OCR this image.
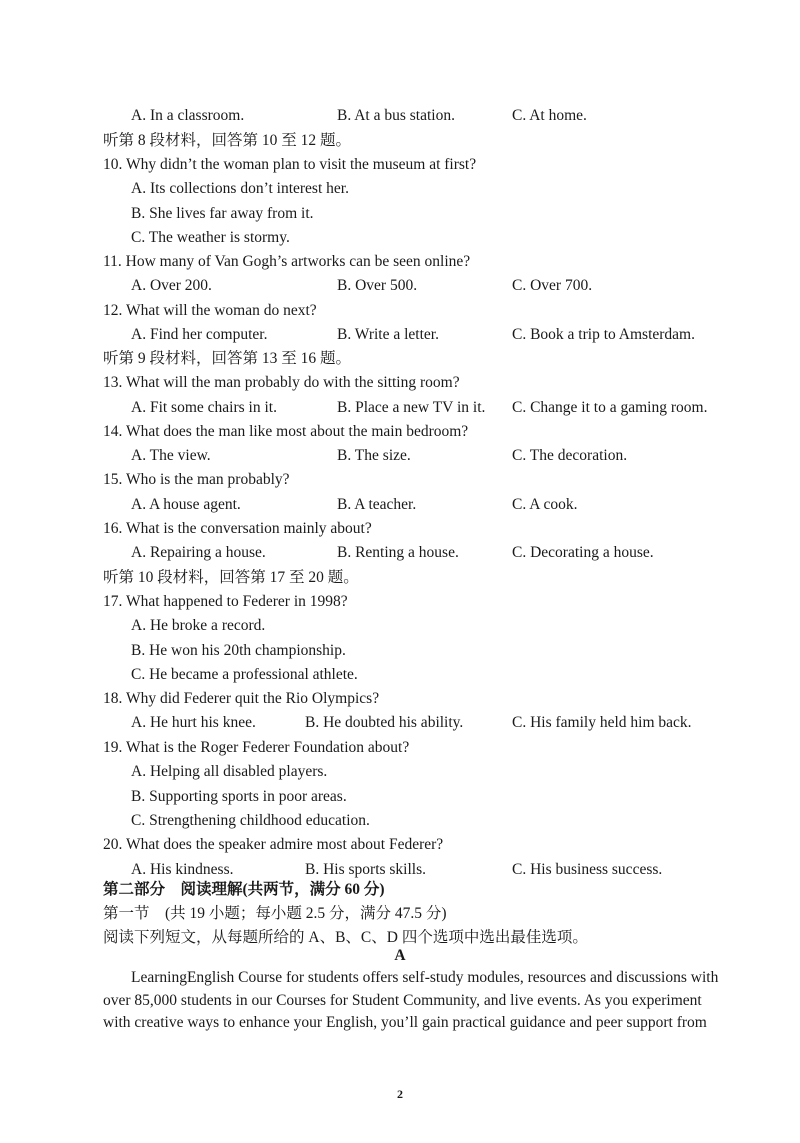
A. In a classroom.	B. At a bus station.	C. At home.
听第 8 段材料，回答第 10 至 12 题。
10. Why didn’t the woman plan to visit the museum at first?
A. Its collections don’t interest her.
B. She lives far away from it.
C. The weather is stormy.
11. How many of Van Gogh’s artworks can be seen online?
A. Over 200.	B. Over 500.	C. Over 700.
12. What will the woman do next?
A. Find her computer.	B. Write a letter.	C. Book a trip to Amsterdam.
听第 9 段材料，回答第 13 至 16 题。
13. What will the man probably do with the sitting room?
A. Fit some chairs in it.	B. Place a new TV in it. C. Change it to a gaming room.
14. What does the man like most about the main bedroom?
A. The view.	B. The size.	C. The decoration.
15. Who is the man probably?
A. A house agent.	B. A teacher.	C. A cook.
16. What is the conversation mainly about?
A. Repairing a house.	B. Renting a house.	C. Decorating a house.
听第 10 段材料，回答第 17 至 20 题。
17. What happened to Federer in 1998?
A. He broke a record.
B. He won his 20th championship.
C. He became a professional athlete.
18. Why did Federer quit the Rio Olympics?
A. He hurt his knee.	B. He doubted his ability.	C. His family held him back.
19. What is the Roger Federer Foundation about?
A. Helping all disabled players.
B. Supporting sports in poor areas.
C. Strengthening childhood education.
20. What does the speaker admire most about Federer?
A. His kindness.	B. His sports skills.	C. His business success.
第二部分　阅读理解(共两节，满分 60 分)
第一节　(共 19 小题；每小题 2.5 分，满分 47.5 分)
阅读下列短文，从每题所给的 A、B、C、D 四个选项中选出最佳选项。
A
LearningEnglish Course for students offers self-study modules, resources and discussions with
over 85,000 students in our Courses for Student Community, and live events. As you experiment
with creative ways to enhance your English, you’ll gain practical guidance and peer support from
2
